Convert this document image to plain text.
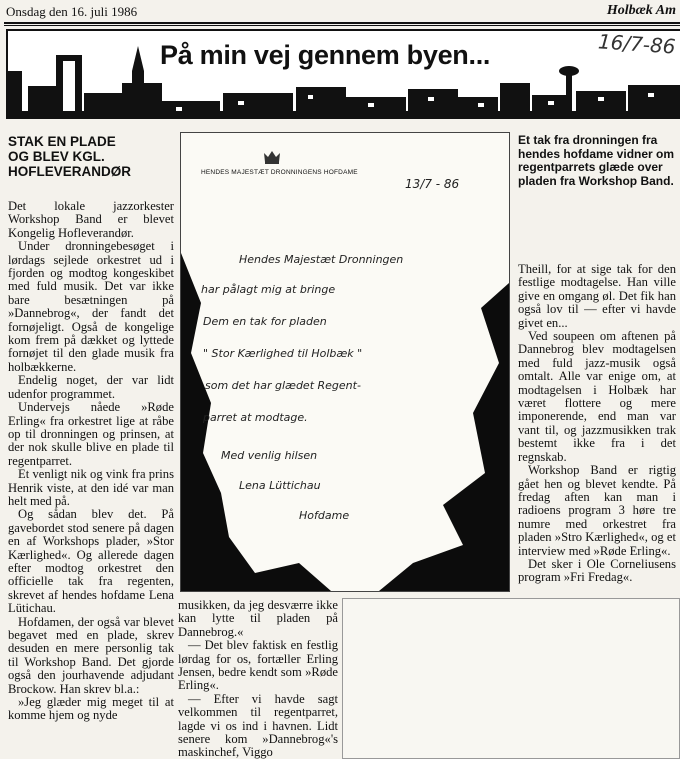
Onsdag den 16. juli 1986	Holbæk Am
På min vej gennem byen...	16/7-86
STAK EN PLADE
OG BLEV KGL.
HOFLEVERANDØR

Det lokale jazzorkester Workshop Band er blevet Kongelig Hofleverandør.

Under dronningebesøget i lørdags sejlede orkestret ud i fjorden og modtog kongeskibet med fuld musik. Det var ikke bare besætningen på »Dannebrog«, der fandt det fornøjeligt. Også de kongelige kom frem på dækket og lyttede fornøjet til den glade musik fra holbækkerne.

Endelig noget, der var lidt udenfor programmet.

Undervejs nåede »Røde Erling« fra orkestret lige at råbe op til dronningen og prinsen, at der nok skulle blive en plade til regentparret.

Et venligt nik og vink fra prins Henrik viste, at den idé var man helt med på.

Og sådan blev det. På gavebordet stod senere på dagen en af Workshops plader, »Stor Kærlighed«. Og allerede dagen efter modtog orkestret den officielle tak fra regenten, skrevet af hendes hofdame Lena Lütichau.

Hofdamen, der også var blevet begavet med en plade, skrev desuden en mere personlig tak til Workshop Band. Det gjorde også den jourhavende adjudant Brockow. Han skrev bl.a.:

»Jeg glæder mig meget til at komme hjem og nyde

HENDES MAJESTÆT DRONNINGENS HOFDAME
13/7 - 86
Hendes Majestæt Dronningen
har pålagt mig at bringe
Dem en tak for pladen
" Stor Kærlighed til Holbæk "
som det har glædet Regent-
parret at modtage.
Med venlig hilsen
Lena Lüttichau
Hofdame

musikken, da jeg desværre ikke kan lytte til pladen på Dannebrog.«

— Det blev faktisk en festlig lørdag for os, fortæller Erling Jensen, bedre kendt som »Røde Erling«.

— Efter vi havde sagt velkommen til regentparret, lagde vi os ind i havnen. Lidt senere kom »Dannebrog«'s maskinchef, Viggo

Et tak fra dronningen fra hendes hofdame vidner om regentparrets glæde over pladen fra Workshop Band.

Theill, for at sige tak for den festlige modtagelse. Han ville give en omgang øl. Det fik han også lov til — efter vi havde givet en...

Ved soupeen om aftenen på Dannebrog blev modtagelsen med fuld jazz-musik også omtalt. Alle var enige om, at modtagelsen i Holbæk har været flottere og mere imponerende, end man var vant til, og jazzmusikken trak bestemt ikke fra i det regnskab.

Workshop Band er rigtig gået hen og blevet kendte. På fredag aften kan man i radioens program 3 høre tre numre med orkestret fra pladen »Stro Kærlighed«, og et interview med »Røde Erling«.

Det sker i Ole Corneliusens program »Fri Fredag«.
